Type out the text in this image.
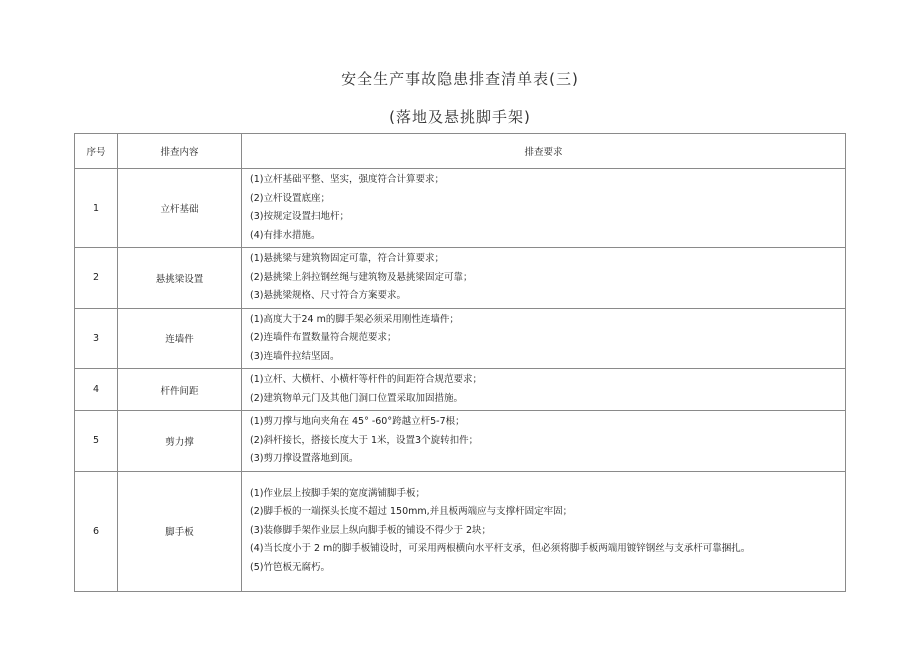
安全生产事故隐患排查清单表(三)
(落地及悬挑脚手架)
序号	排查内容	排查要求
1	立杆基础	(1)立杆基础平整、坚实，强度符合计算要求；
(2)立杆设置底座；
(3)按规定设置扫地杆；
(4)有排水措施。

2	悬挑梁设置	(1)悬挑梁与建筑物固定可靠，符合计算要求；
(2)悬挑梁上斜拉钢丝绳与建筑物及悬挑梁固定可靠；
(3)悬挑梁规格、尺寸符合方案要求。

3	连墙件	(1)高度大于24 m的脚手架必须采用刚性连墙件；
(2)连墙件布置数量符合规范要求；
(3)连墙件拉结坚固。

4	杆件间距	(1)立杆、大横杆、小横杆等杆件的间距符合规范要求；
(2)建筑物单元门及其他门洞口位置采取加固措施。

5	剪力撑	(1)剪刀撑与地向夹角在 45° -60°跨越立杆5-7根；
(2)斜杆接长，搭接长度大于 1米，设置3个旋转扣件；
(3)剪刀撑设置落地到顶。

6	脚手板	(1)作业层上按脚手架的宽度满铺脚手板；
(2)脚手板的一端探头长度不超过 150mm,并且板两端应与支撑杆固定牢固；
(3)装修脚手架作业层上纵向脚手板的铺设不得少于 2块；
(4)当长度小于 2 m的脚手板铺设时，可采用两根横向水平杆支承，但必须将脚手板两端用镀锌钢丝与支承杆可靠捆扎。
(5)竹笆板无腐朽。
